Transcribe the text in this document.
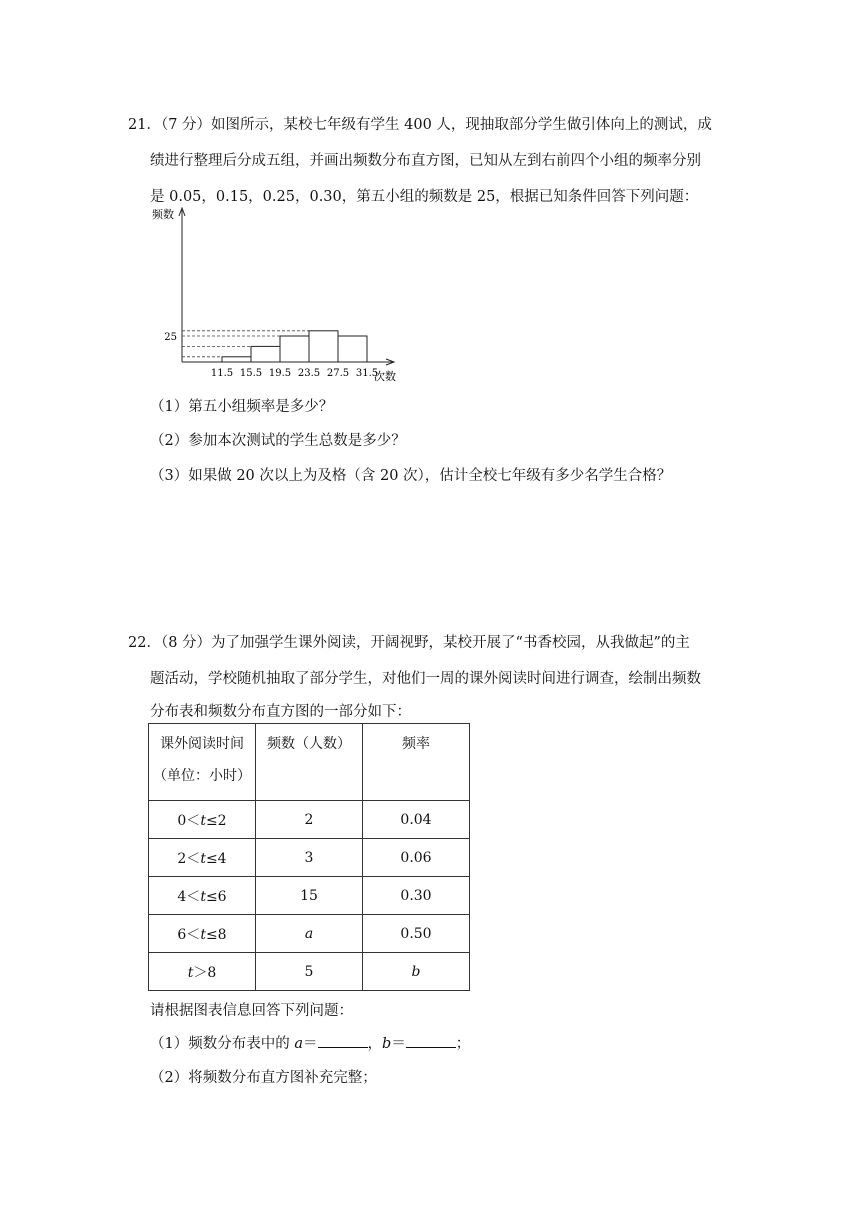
21．（7 分）如图所示，某校七年级有学生 400 人，现抽取部分学生做引体向上的测试，成
绩进行整理后分成五组，并画出频数分布直方图，已知从左到右前四个小组的频率分别
是 0.05，0.15，0.25，0.30，第五小组的频数是 25，根据已知条件回答下列问题：
11.5 15.5 19.5 23.5 27.5 31.5
25
频数
次数
（1）第五小组频率是多少？
（2）参加本次测试的学生总数是多少？
（3）如果做 20 次以上为及格（含 20 次），估计全校七年级有多少名学生合格？
22．（8 分）为了加强学生课外阅读，开阔视野，某校开展了“书香校园，从我做起”的主
题活动，学校随机抽取了部分学生，对他们一周的课外阅读时间进行调查，绘制出频数
分布表和频数分布直方图的一部分如下：
课外阅读时间
（单位：小时）	频数（人数）	频率
0＜t≤2	2	0.04
2＜t≤4	3	0.06
4＜t≤6	15	0.30
6＜t≤8	a	0.50
t＞8	5	b
请根据图表信息回答下列问题：
（1）频数分布表中的 a＝	，b＝	；
（2）将频数分布直方图补充完整；
